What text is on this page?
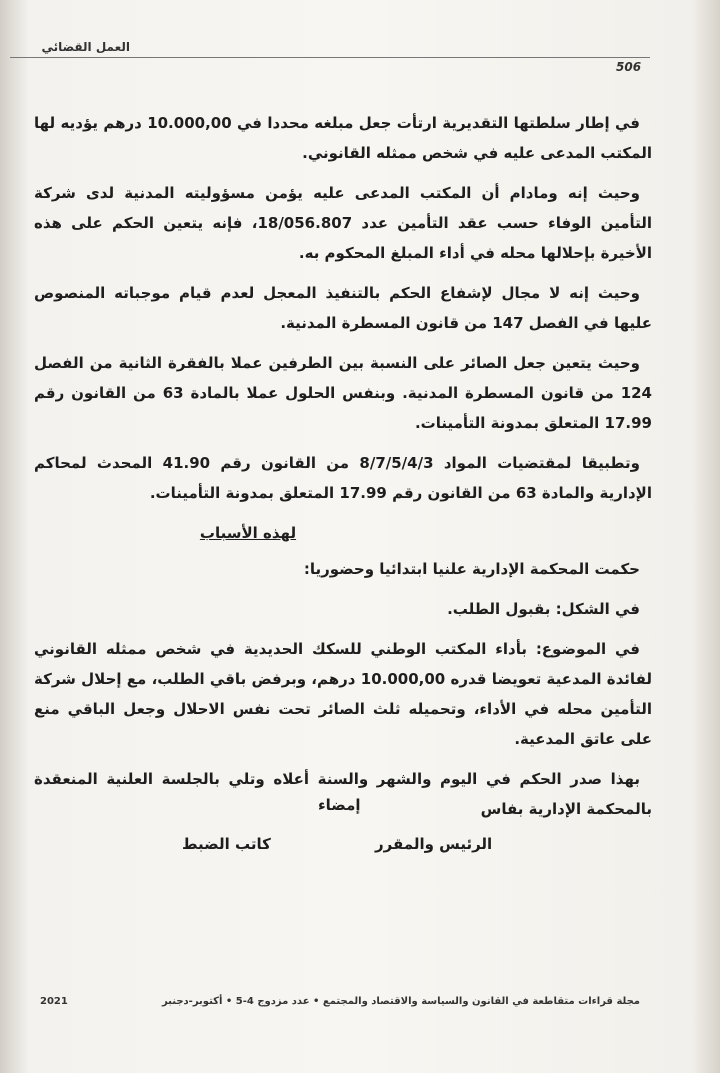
العمل القضائي
506

في إطار سلطتها التقديرية ارتأت جعل مبلغه محددا في 10.000,00 درهم يؤديه لها المكتب المدعى عليه في شخص ممثله القانوني.

وحيث إنه ومادام أن المكتب المدعى عليه يؤمن مسؤوليته المدنية لدى شركة التأمين الوفاء حسب عقد التأمين عدد 18/056.807، فإنه يتعين الحكم على هذه الأخيرة بإحلالها محله في أداء المبلغ المحكوم به.

وحيث إنه لا مجال لإشفاع الحكم بالتنفيذ المعجل لعدم قيام موجباته المنصوص عليها في الفصل 147 من قانون المسطرة المدنية.

وحيث يتعين جعل الصائر على النسبة بين الطرفين عملا بالفقرة الثانية من الفصل 124 من قانون المسطرة المدنية. وبنفس الحلول عملا بالمادة 63 من القانون رقم 17.99 المتعلق بمدونة التأمينات.

وتطبيقا لمقتضيات المواد 8/7/5/4/3 من القانون رقم 41.90 المحدث لمحاكم الإدارية والمادة 63 من القانون رقم 17.99 المتعلق بمدونة التأمينات.

لهذه الأسباب

حكمت المحكمة الإدارية علنيا ابتدائيا وحضوريا:

في الشكل: بقبول الطلب.

في الموضوع: بأداء المكتب الوطني للسكك الحديدية في شخص ممثله القانوني لفائدة المدعية تعويضا قدره 10.000,00 درهم، وبرفض باقي الطلب، مع إحلال شركة التأمين محله في الأداء، وتحميله ثلث الصائر تحت نفس الاحلال وجعل الباقي منع على عاتق المدعية.

بهذا صدر الحكم في اليوم والشهر والسنة أعلاه وتلي بالجلسة العلنية المنعقدة بالمحكمة الإدارية بفاس

إمضاء
الرئيس والمقرر
كاتب الضبط
مجلة قراءات متقاطعة في القانون والسياسة والاقتصاد والمجتمع • عدد مزدوج 4-5 • أكتوبر-دجنبر
2021
